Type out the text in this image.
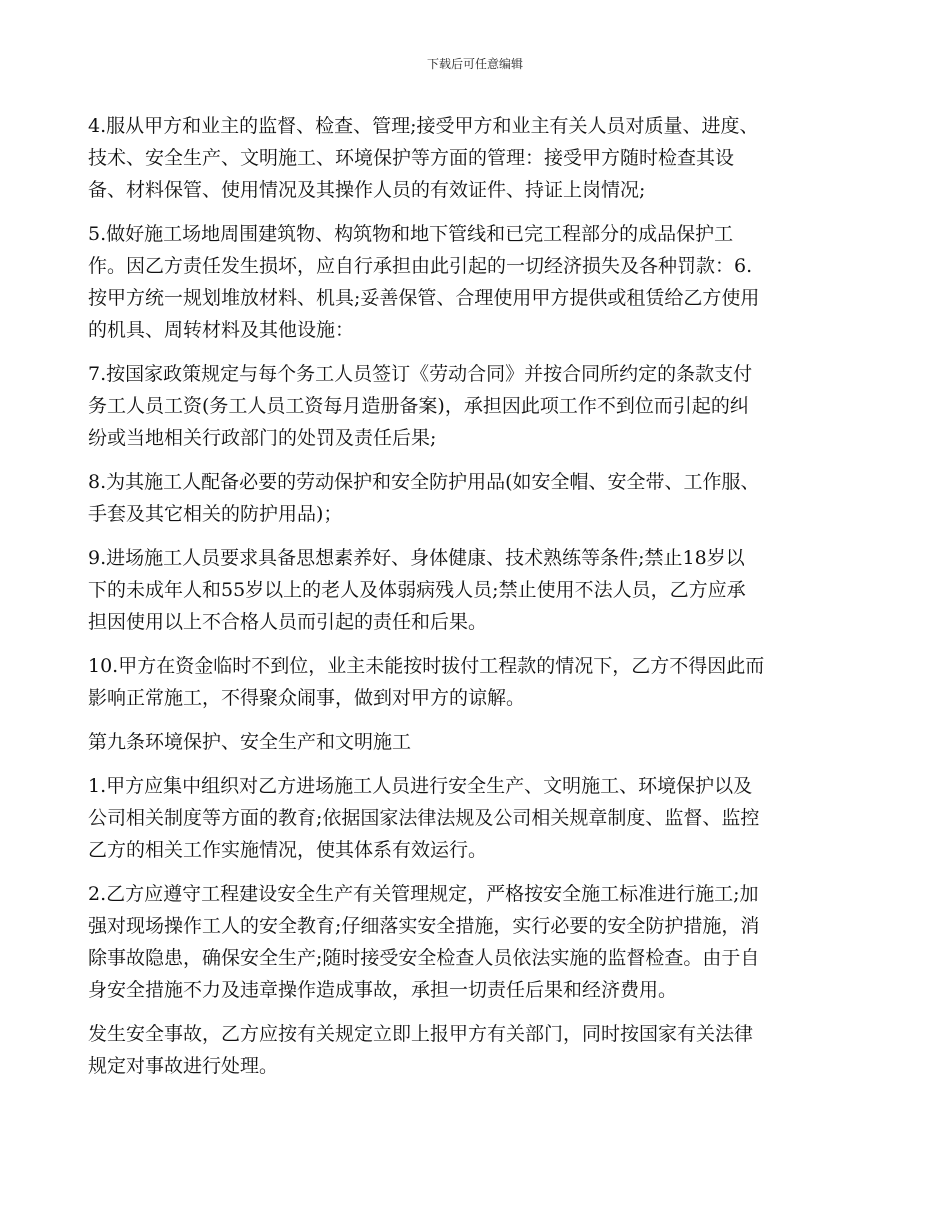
下载后可任意编辑
4.服从甲方和业主的监督、检查、管理;接受甲方和业主有关人员对质量、进度、
技术、安全生产、文明施工、环境保护等方面的管理：接受甲方随时检查其设
备、材料保管、使用情况及其操作人员的有效证件、持证上岗情况;
5.做好施工场地周围建筑物、构筑物和地下管线和已完工程部分的成品保护工
作。因乙方责任发生损坏，应自行承担由此引起的一切经济损失及各种罚款：6.
按甲方统一规划堆放材料、机具;妥善保管、合理使用甲方提供或租赁给乙方使用
的机具、周转材料及其他设施：
7.按国家政策规定与每个务工人员签订《劳动合同》并按合同所约定的条款支付
务工人员工资(务工人员工资每月造册备案)，承担因此项工作不到位而引起的纠
纷或当地相关行政部门的处罚及责任后果;
8.为其施工人配备必要的劳动保护和安全防护用品(如安全帽、安全带、工作服、
手套及其它相关的防护用品)；
9.进场施工人员要求具备思想素养好、身体健康、技术熟练等条件;禁止18岁以
下的未成年人和55岁以上的老人及体弱病残人员;禁止使用不法人员，乙方应承
担因使用以上不合格人员而引起的责任和后果。
10.甲方在资金临时不到位，业主未能按时拔付工程款的情况下，乙方不得因此而
影响正常施工，不得聚众闹事，做到对甲方的谅解。
第九条环境保护、安全生产和文明施工
1.甲方应集中组织对乙方进场施工人员进行安全生产、文明施工、环境保护以及
公司相关制度等方面的教育;依据国家法律法规及公司相关规章制度、监督、监控
乙方的相关工作实施情况，使其体系有效运行。
2.乙方应遵守工程建设安全生产有关管理规定，严格按安全施工标准进行施工;加
强对现场操作工人的安全教育;仔细落实安全措施，实行必要的安全防护措施，消
除事故隐患，确保安全生产;随时接受安全检查人员依法实施的监督检查。由于自
身安全措施不力及违章操作造成事故，承担一切责任后果和经济费用。
发生安全事故，乙方应按有关规定立即上报甲方有关部门，同时按国家有关法律
规定对事故进行处理。
